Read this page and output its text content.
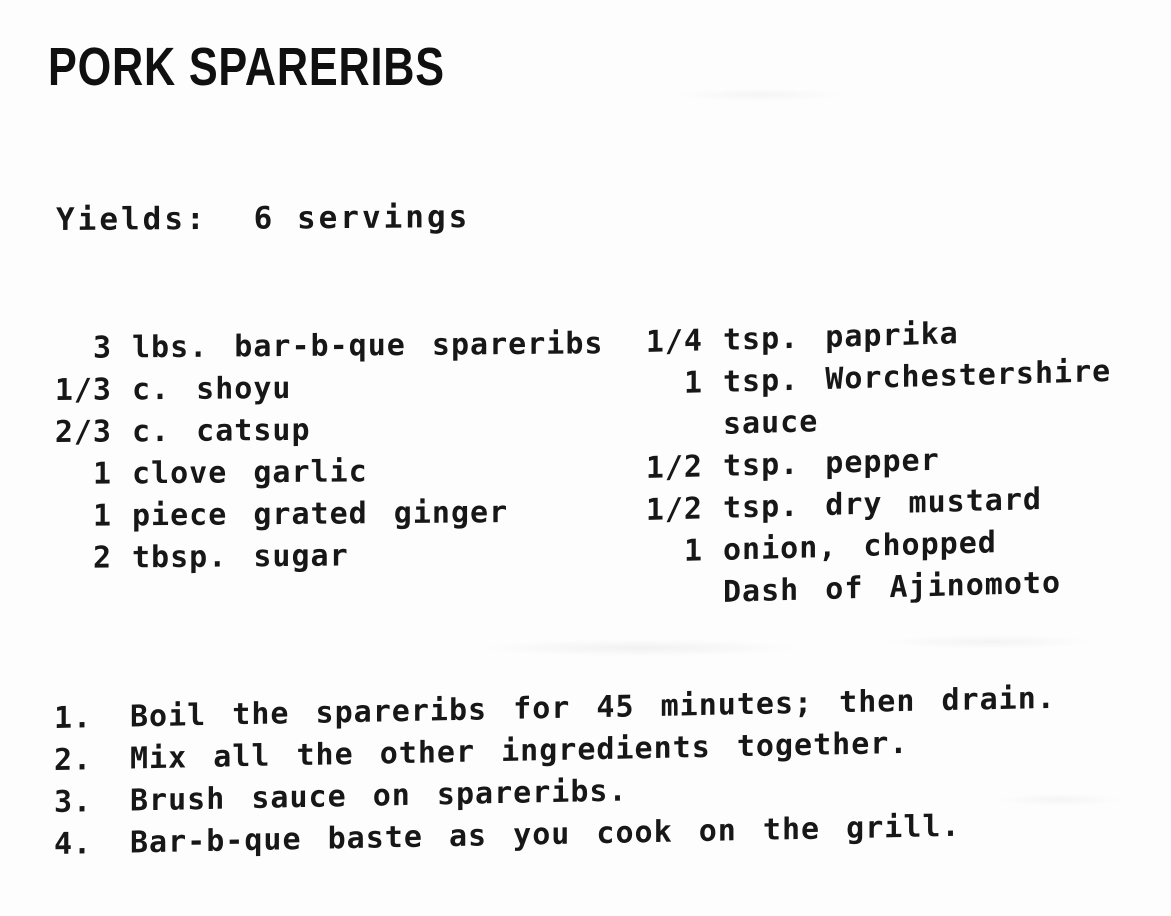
PORK SPARERIBS
Yields: 6 servings
3 lbs. bar-b-que spareribs
1/3 c. shoyu
2/3 c. catsup
1 clove garlic
1 piece grated ginger
2 tbsp. sugar
1/4 tsp. paprika
1 tsp. Worchestershire
sauce
1/2 tsp. pepper
1/2 tsp. dry mustard
1 onion, chopped
Dash of Ajinomoto
1.	Boil the spareribs for 45 minutes; then drain.
2.	Mix all the other ingredients together.
3.	Brush sauce on spareribs.
4.	Bar-b-que baste as you cook on the grill.
